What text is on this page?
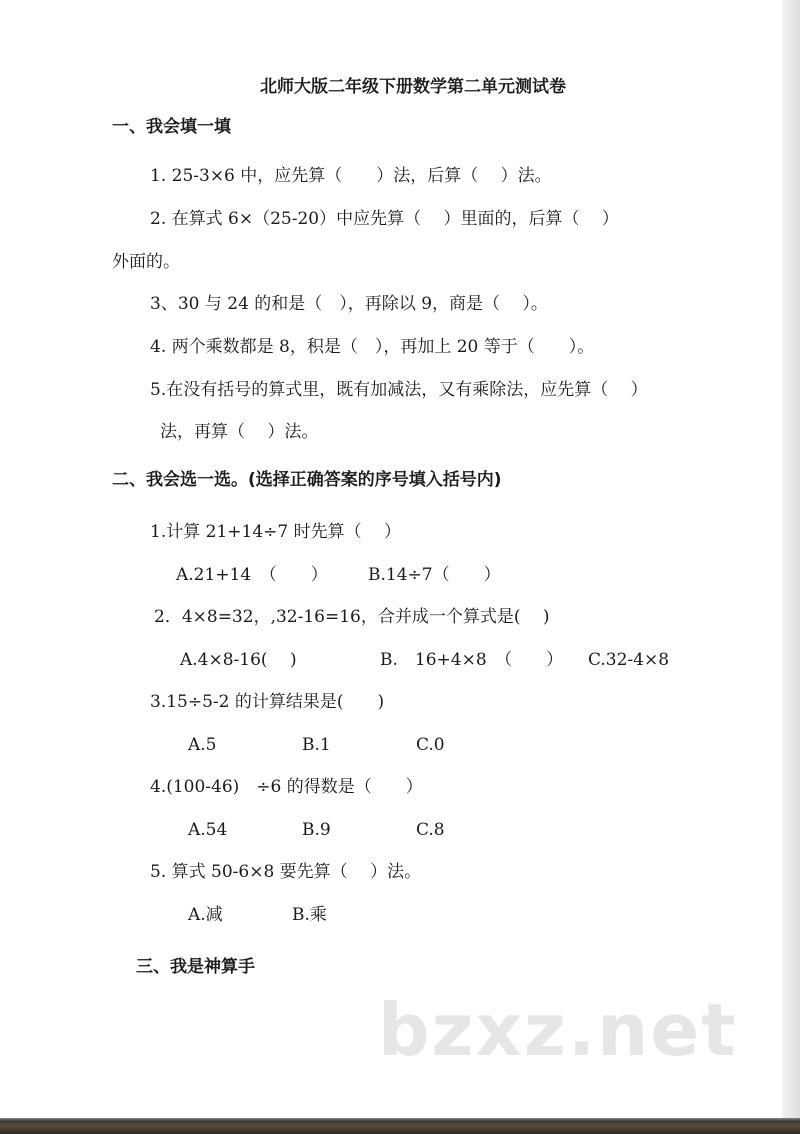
北师大版二年级下册数学第二单元测试卷
一、我会填一填
1. 25-3×6 中，应先算（　　）法，后算（　 ）法。
2. 在算式 6×（25-20）中应先算（　 ）里面的，后算（　 ）
外面的。
3、30 与 24 的和是（　），再除以 9，商是（　 ）。
4. 两个乘数都是 8，积是（　），再加上 20 等于（　　）。
5.在没有括号的算式里，既有加减法，又有乘除法，应先算（　 ）
法，再算（　 ）法。
二、我会选一选。(选择正确答案的序号填入括号内)
1.计算 21+14÷7 时先算（　 ）
A.21+14　（　　） B.14÷7（　　）
2．4×8=32，,32-16=16，合并成一个算式是(　 )
A.4×8-16(　 )	B.　16+4×8　（　　） C.32-4×8
3.15÷5-2 的计算结果是(　　)
A.5	B.1	C.0
4.(100-46)　÷6 的得数是（　　）
A.54	B.9	C.8
5. 算式 50-6×8 要先算（　 ）法。
A.减	B.乘
三、我是神算手
bzxz.net
